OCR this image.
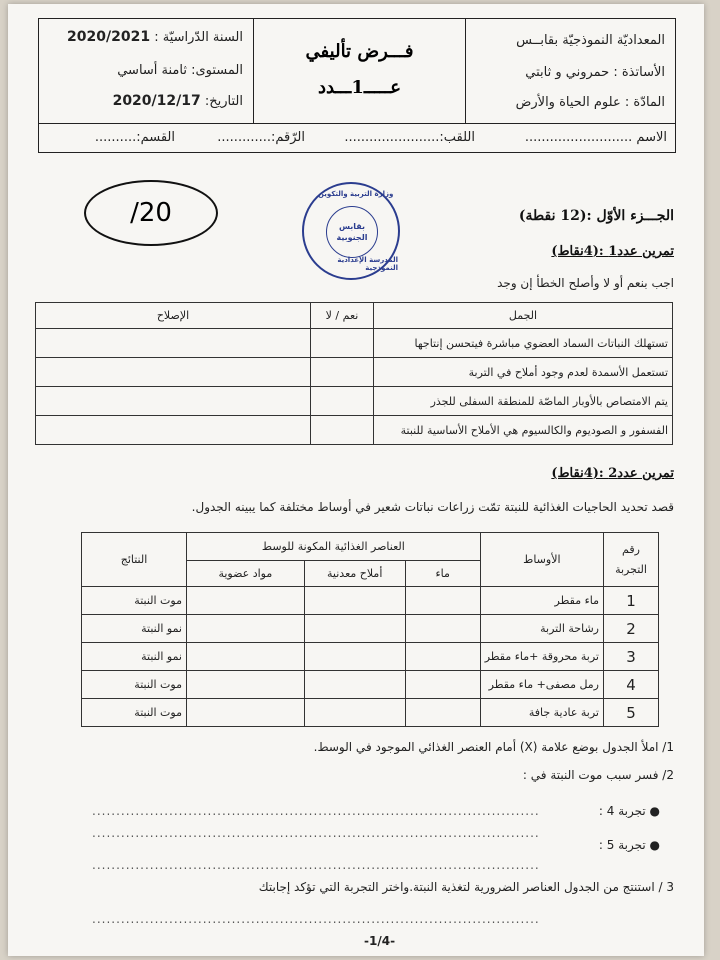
المعداديّة النموذجيّة بقابــس
الأساتذة : حمروني و ثابتي
المادّة : علوم الحياة والأرض
فـــرض تأليفي
عـــــ1ـــدد
السنة الدّراسيّة : 2020/2021
المستوى: ثامنة أساسي
التاريخ: 2020/12/17
الاسم ..........................
اللقب:.......................
الرّقم:.............
القسم:..........
/20
وزارة التربية والتكوين
بقابس
الجنوبية
المدرسة الإعدادية النموذجية
الجـــزء الأوّل :(12 نقطة)
تمرين عدد1 :(4نقاط)
اجب بنعم أو لا وأصلح الخطأ إن وجد
الجمل	نعم / لا	الإصلاح
تستهلك النباتات السماد العضوي مباشرة فيتحسن إنتاجها		
تستعمل الأسمدة لعدم وجود أملاح في التربة		
يتم الامتصاص بالأوبار الماصّة للمنطقة السفلى للجذر		
الفسفور و الصوديوم والكالسيوم هي الأملاح الأساسية للنبتة		
تمرين عدد2 :(4نقاط)
قصد تحديد الحاجيات الغذائية للنبتة تمّت زراعات نباتات شعير في أوساط مختلفة كما يبينه الجدول.
رقم التجربة	الأوساط	العناصر الغذائية المكونة للوسط			النتائج
		ماء	أملاح معدنية	مواد عضوية	
1	ماء مقطر				موت النبتة
2	رشاحة التربة				نمو النبتة
3	تربة محروقة +ماء مقطر				نمو النبتة
4	رمل مصفى+ ماء مقطر				موت النبتة
5	تربة عادية جافة				موت النبتة
1/ املأ الجدول بوضع علامة (X) أمام العنصر الغذائي الموجود في الوسط.
2/ فسر سبب موت النبتة في :
● تجربة 4 :
.............................................................................................
.............................................................................................
● تجربة 5 :
.............................................................................................
3 / استنتج من الجدول العناصر الضرورية لتغذية النبتة.واختر التجربة التي تؤكد إجابتك
.............................................................................................
-1/4-
